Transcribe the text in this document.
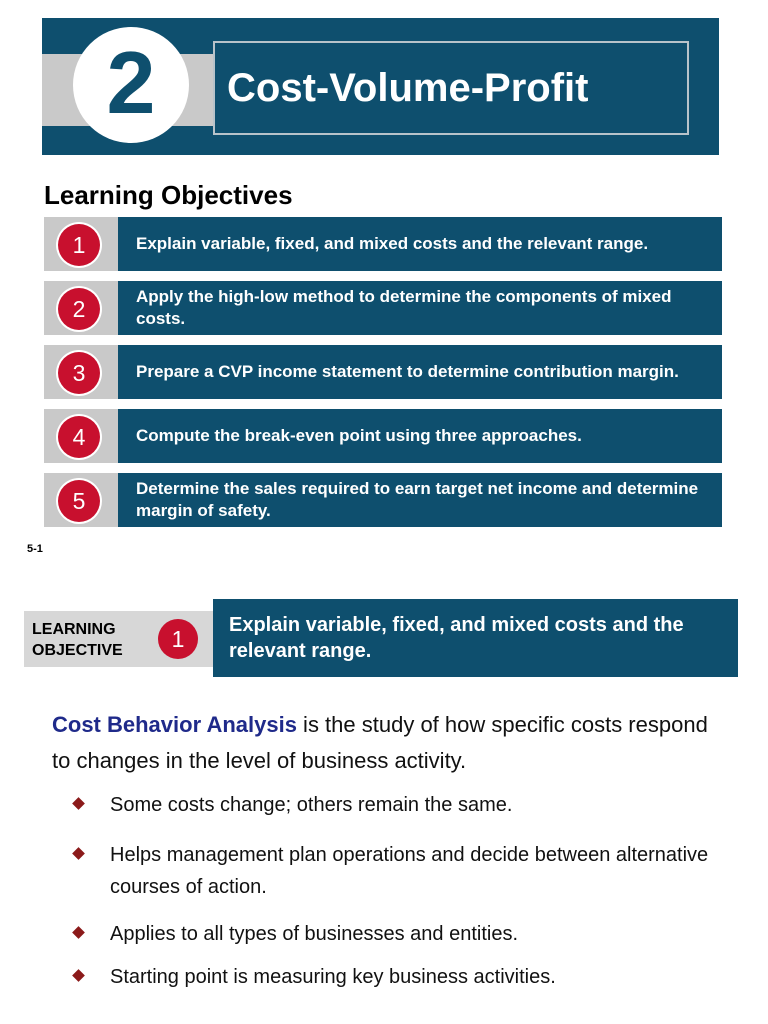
2 Cost-Volume-Profit
Learning Objectives
1	Explain variable, fixed, and mixed costs and the relevant range.
2	Apply the high-low method to determine the components of mixed costs.
3	Prepare a CVP income statement to determine contribution margin.
4	Compute the break-even point using three approaches.
5	Determine the sales required to earn target net income and determine margin of safety.
5-1
LEARNING
OBJECTIVE	1
Explain variable, fixed, and mixed costs and the relevant range.
Cost Behavior Analysis is the study of how specific costs respond to changes in the level of business activity.
Some costs change; others remain the same.
Helps management plan operations and decide between alternative courses of action.
Applies to all types of businesses and entities.
Starting point is measuring key business activities.
